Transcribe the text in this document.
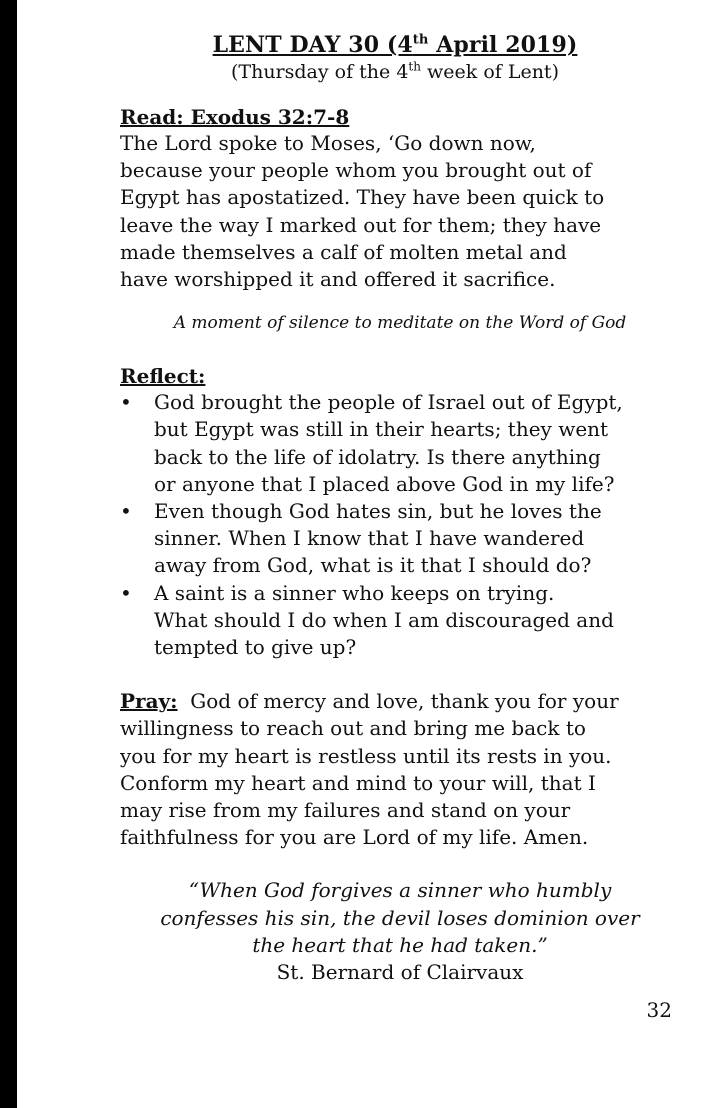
LENT DAY 30 (4th April 2019)

(Thursday of the 4th week of Lent)

Read: Exodus 32:7-8

The Lord spoke to Moses, ‘Go down now,
because your people whom you brought out of
Egypt has apostatized. They have been quick to
leave the way I marked out for them; they have
made themselves a calf of molten metal and
have worshipped it and offered it sacrifice.

A moment of silence to meditate on the Word of God

Reflect:
•	God brought the people of Israel out of Egypt,
but Egypt was still in their hearts; they went
back to the life of idolatry. Is there anything
or anyone that I placed above God in my life?
•	Even though God hates sin, but he loves the
sinner. When I know that I have wandered
away from God, what is it that I should do?
•	A saint is a sinner who keeps on trying.
What should I do when I am discouraged and
tempted to give up?

Pray: God of mercy and love, thank you for your
willingness to reach out and bring me back to
you for my heart is restless until its rests in you.
Conform my heart and mind to your will, that I
may rise from my failures and stand on your
faithfulness for you are Lord of my life. Amen.

“When God forgives a sinner who humbly
confesses his sin, the devil loses dominion over
the heart that he had taken.”
St. Bernard of Clairvaux
32
